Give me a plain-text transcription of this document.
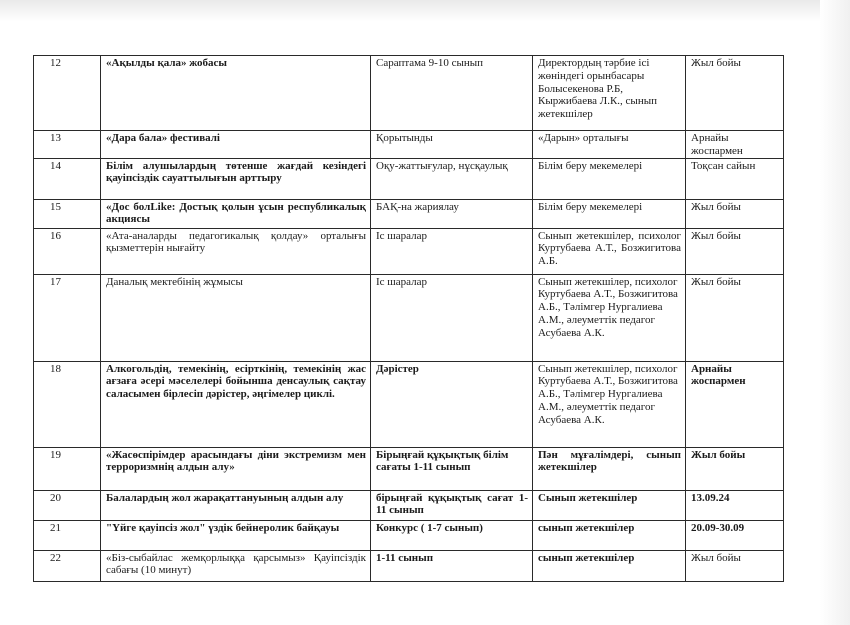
12	«Ақылды қала» жобасы	Сараптама 9-10 сынып	Директордың тәрбие ісі жөніндегі орынбасары Болысекенова Р.Б, Кыржибаева Л.К., сынып жетекшілер	Жыл бойы
13	«Дара бала» фестивалі	Қорытынды	«Дарын» орталығы	Арнайы жоспармен
14	Білім алушылардың төтенше жағдай кезіндегі қауіпсіздік сауаттылығын арттыру	Оқу-жаттығулар, нұсқаулық	Білім беру мекемелері	Тоқсан сайын
15	«Дос болLike: Достық қолын ұсын республикалық акциясы	БАҚ-на жариялау	Білім беру мекемелері	Жыл бойы
16	«Ата-аналарды педагогикалық қолдау» орталығы қызметтерін нығайту	Іс шаралар	Сынып жетекшілер, психолог Куртубаева А.Т., Бозжигитова А.Б.	Жыл бойы
17	Даналық мектебінің жұмысы	Іс шаралар	Сынып жетекшілер, психолог Куртубаева А.Т., Бозжигитова А.Б., Тәлімгер Нургалиева А.М., әлеуметтік педагог Асубаева А.К.	Жыл бойы
18	Алкогольдің, темекінің, есірткінің, темекінің жас ағзаға әсері мәселелері бойынша денсаулық сақтау саласымен бірлесіп дәрістер, әңгімелер циклі.	Дәрістер	Сынып жетекшілер, психолог Куртубаева А.Т., Бозжигитова А.Б., Тәлімгер Нургалиева А.М., әлеуметтік педагог Асубаева А.К.	Арнайы жоспармен
19	«Жасөспірімдер арасындағы діни экстремизм мен терроризмнің алдын алу»	Бірыңғай құқықтық білім сағаты 1-11 сынып	Пән мұғалімдері, сынып жетекшілер	Жыл бойы
20	Балалардың жол жарақаттануының алдын алу	бірыңғай құқықтық сағат 1-11 сынып	Сынып жетекшілер	13.09.24
21	"Үйге қауіпсіз жол" үздік бейнеролик байқауы	Конкурс ( 1-7 сынып)	сынып жетекшілер	20.09-30.09
22	«Біз-сыбайлас жемқорлыққа қарсымыз» Қауіпсіздік сабағы (10 минут)	1-11 сынып	сынып жетекшілер	Жыл бойы
